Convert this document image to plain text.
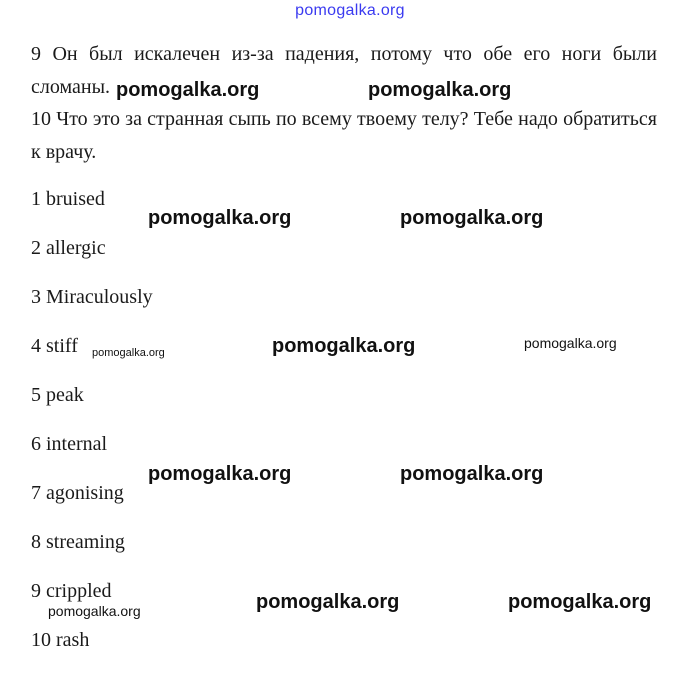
pomogalka.org
9 Он был искалечен из-за падения, потому что обе его ноги были сломаны.
10 Что это за странная сыпь по всему твоему телу? Тебе надо обратиться к врачу.
1 bruised
2 allergic
3 Miraculously
4 stiff
5 peak
6 internal
7 agonising
8 streaming
9 crippled
10 rash
pomogalka.org	pomogalka.org
pomogalka.org	pomogalka.org
pomogalka.org	pomogalka.org	pomogalka.org
pomogalka.org	pomogalka.org
pomogalka.org	pomogalka.org	pomogalka.org
